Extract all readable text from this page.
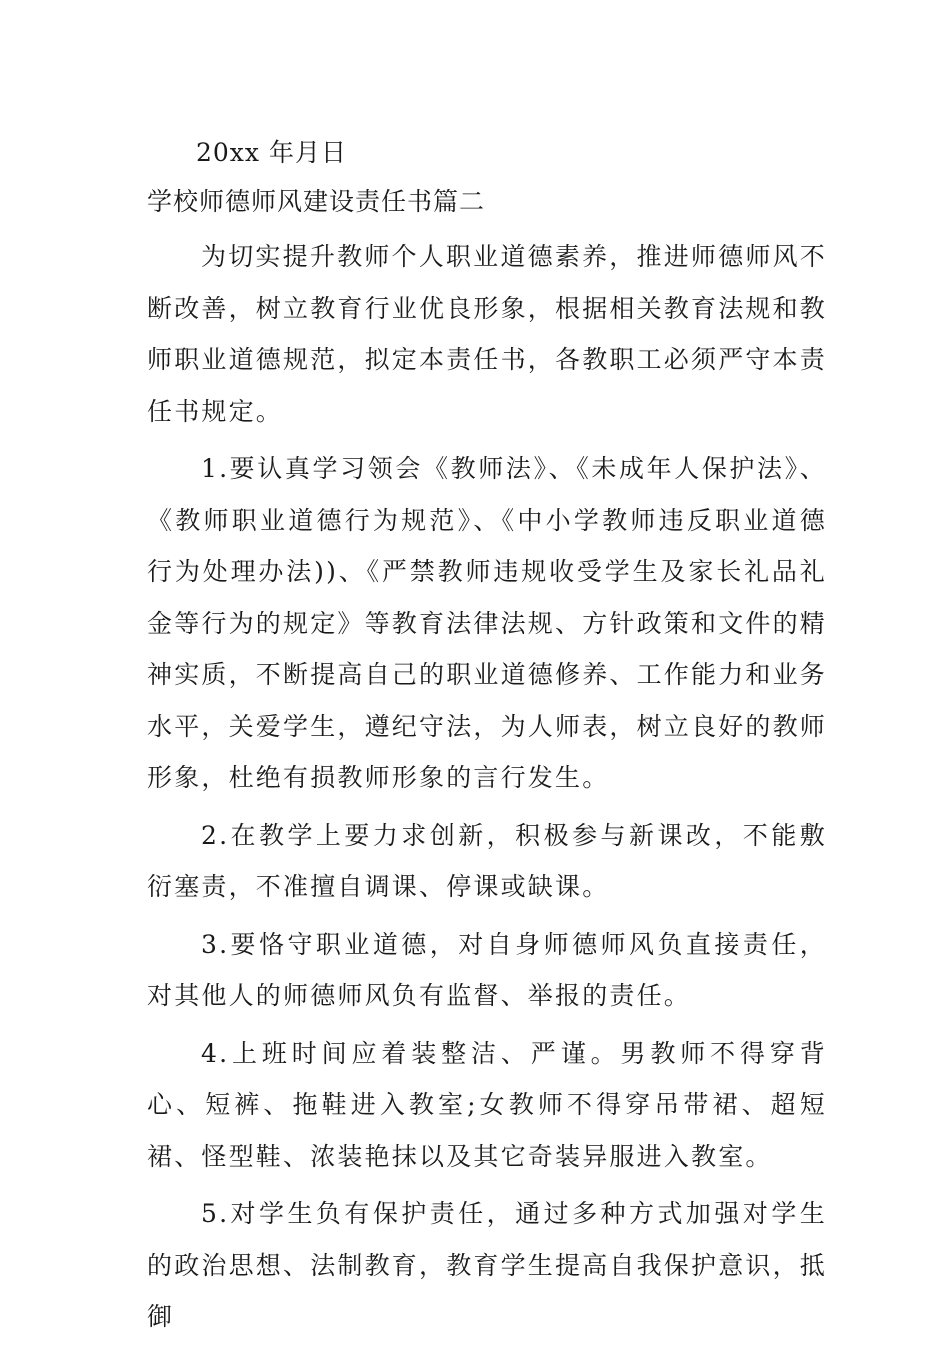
20xx 年月日
学校师德师风建设责任书篇二

为切实提升教师个人职业道德素养，推进师德师风不断改善，树立教育行业优良形象，根据相关教育法规和教师职业道德规范，拟定本责任书，各教职工必须严守本责任书规定。

1.要认真学习领会《教师法》、《未成年人保护法》、《教师职业道德行为规范》、《中小学教师违反职业道德行为处理办法))、《严禁教师违规收受学生及家长礼品礼金等行为的规定》等教育法律法规、方针政策和文件的精神实质，不断提高自己的职业道德修养、工作能力和业务水平，关爱学生，遵纪守法，为人师表，树立良好的教师形象，杜绝有损教师形象的言行发生。

2.在教学上要力求创新，积极参与新课改，不能敷衍塞责，不准擅自调课、停课或缺课。

3.要恪守职业道德，对自身师德师风负直接责任，对其他人的师德师风负有监督、举报的责任。

4.上班时间应着装整洁、严谨。男教师不得穿背心、短裤、拖鞋进入教室;女教师不得穿吊带裙、超短裙、怪型鞋、浓装艳抹以及其它奇装异服进入教室。

5.对学生负有保护责任，通过多种方式加强对学生的政治思想、法制教育，教育学生提高自我保护意识，抵御
